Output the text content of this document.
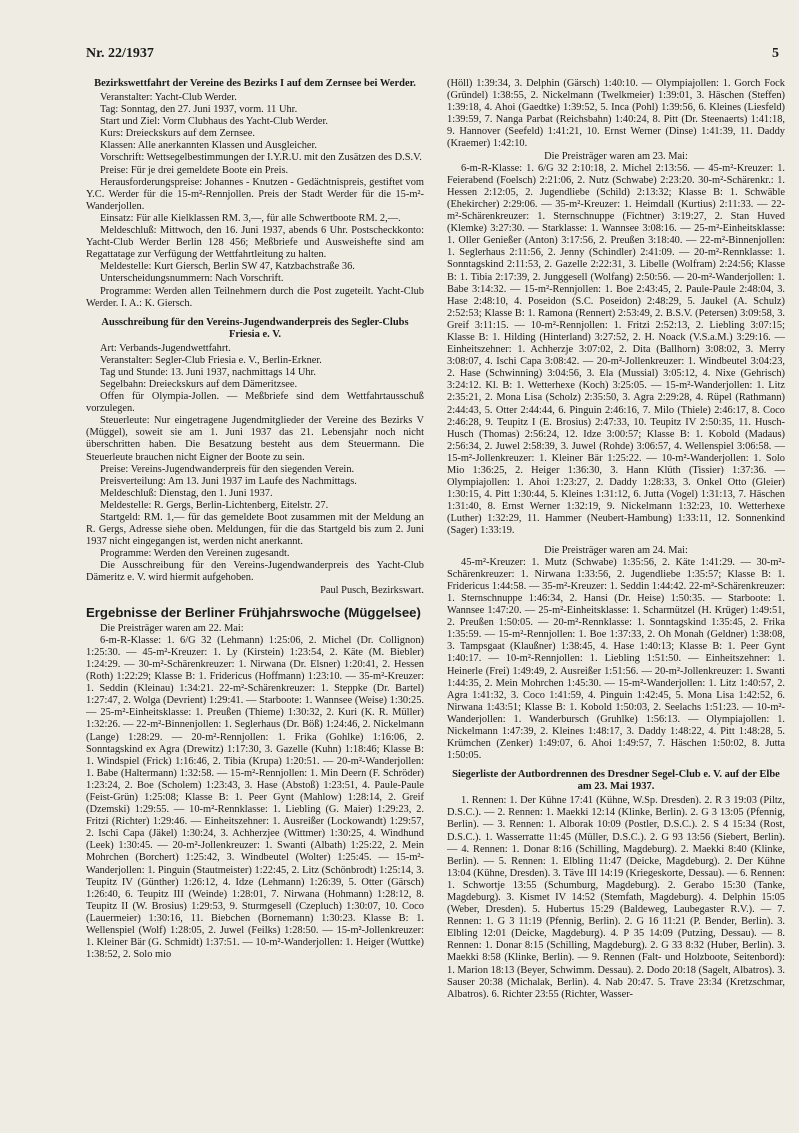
Nr. 22/1937	5
Bezirkswettfahrt der Vereine des Bezirks I auf dem Zernsee bei Werder.

Veranstalter: Yacht-Club Werder.

Tag: Sonntag, den 27. Juni 1937, vorm. 11 Uhr.

Start und Ziel: Vorm Clubhaus des Yacht-Club Werder.

Kurs: Dreieckskurs auf dem Zernsee.

Klassen: Alle anerkannten Klassen und Ausgleicher.

Vorschrift: Wettsegelbestimmungen der I.Y.R.U. mit den Zusätzen des D.S.V.

Preise: Für je drei gemeldete Boote ein Preis.

Herausforderungspreise: Johannes - Knutzen - Gedächtnispreis, gestiftet vom Y.C. Werder für die 15-m²-Rennjollen. Preis der Stadt Werder für die 15-m²-Wanderjollen.

Einsatz: Für alle Kielklassen RM. 3,—, für alle Schwertboote RM. 2,—.

Meldeschluß: Mittwoch, den 16. Juni 1937, abends 6 Uhr. Postscheckkonto: Yacht-Club Werder Berlin 128 456; Meßbriefe und Ausweishefte sind am Regattatage zur Verfügung der Wettfahrtleitung zu halten.

Meldestelle: Kurt Giersch, Berlin SW 47, Katzbachstraße 36.

Unterscheidungsnummern: Nach Vorschrift.

Programme: Werden allen Teilnehmern durch die Post zugeteilt. Yacht-Club Werder. I. A.: K. Giersch.

Ausschreibung für den Vereins-Jugendwanderpreis des Segler-Clubs Friesia e. V.

Art: Verbands-Jugendwettfahrt.

Veranstalter: Segler-Club Friesia e. V., Berlin-Erkner.

Tag und Stunde: 13. Juni 1937, nachmittags 14 Uhr.

Segelbahn: Dreieckskurs auf dem Dämeritzsee.

Offen für Olympia-Jollen. — Meßbriefe sind dem Wettfahrtausschuß vorzulegen.

Steuerleute: Nur eingetragene Jugendmitglieder der Vereine des Bezirks V (Müggel), soweit sie am 1. Juni 1937 das 21. Lebensjahr noch nicht überschritten haben. Die Besatzung besteht aus dem Steuermann. Die Steuerleute brauchen nicht Eigner der Boote zu sein.

Preise: Vereins-Jugendwanderpreis für den siegenden Verein.

Preisverteilung: Am 13. Juni 1937 im Laufe des Nachmittags.

Meldeschluß: Dienstag, den 1. Juni 1937.

Meldestelle: R. Gergs, Berlin-Lichtenberg, Eitelstr. 27.

Startgeld: RM. 1,— für das gemeldete Boot zusammen mit der Meldung an R. Gergs, Adresse siehe oben. Meldungen, für die das Startgeld bis zum 2. Juni 1937 nicht eingegangen ist, werden nicht anerkannt.

Programme: Werden den Vereinen zugesandt.

Die Ausschreibung für den Vereins-Jugendwanderpreis des Yacht-Club Dämeritz e. V. wird hiermit aufgehoben.

Paul Pusch, Bezirkswart.

Ergebnisse der Berliner Frühjahrswoche (Müggelsee)

Die Preisträger waren am 22. Mai:

6-m-R-Klasse: 1. 6/G 32 (Lehmann) 1:25:06, 2. Michel (Dr. Collignon) 1:25:30. — 45-m²-Kreuzer: 1. Ly (Kirstein) 1:23:54, 2. Käte (M. Biebler) 1:24:29. — 30-m²-Schärenkreuzer: 1. Nirwana (Dr. Elsner) 1:20:41, 2. Hessen (Roth) 1:22:29; Klasse B: 1. Fridericus (Hoffmann) 1:23:10. — 35-m²-Kreuzer: 1. Seddin (Kleinau) 1:34:21. 22-m²-Schärenkreuzer: 1. Steppke (Dr. Bartel) 1:27:47, 2. Wolga (Devrient) 1:29:41. — Starboote: 1. Wannsee (Weise) 1:30:25. — 25-m²-Einheitsklasse: 1. Preußen (Thieme) 1:30:32, 2. Kuri (K. R. Müller) 1:32:26. — 22-m²-Binnenjollen: 1. Seglerhaus (Dr. Böß) 1:24:46, 2. Nickelmann (Lange) 1:28:29. — 20-m²-Rennjollen: 1. Frika (Gohlke) 1:16:06, 2. Sonntagskind ex Agra (Drewitz) 1:17:30, 3. Gazelle (Kuhn) 1:18:46; Klasse B: 1. Windspiel (Frick) 1:16:46, 2. Tibia (Krupa) 1:20:51. — 20-m²-Wanderjollen: 1. Babe (Haltermann) 1:32:58. — 15-m²-Rennjollen: 1. Min Deern (F. Schröder) 1:23:24, 2. Boe (Scholem) 1:23:43, 3. Hase (Abstoß) 1:23:51, 4. Paule-Paule (Feist-Grün) 1:25:08; Klasse B: 1. Peer Gynt (Mahlow) 1:28:14, 2. Greif (Dzemski) 1:29:55. — 10-m²-Rennklasse: 1. Liebling (G. Maier) 1:29:23, 2. Fritzi (Richter) 1:29:46. — Einheitszehner: 1. Ausreißer (Lockowandt) 1:29:57, 2. Ischi Capa (Jäkel) 1:30:24, 3. Achherzjee (Wittmer) 1:30:25, 4. Windhund (Leek) 1:30:45. — 20-m²-Jollenkreuzer: 1. Swanti (Albath) 1:25:22, 2. Mein Mohrchen (Borchert) 1:25:42, 3. Windbeutel (Wolter) 1:25:45. — 15-m²-Wanderjollen: 1. Pinguin (Stautmeister) 1:22:45, 2. Litz (Schönbrodt) 1:25:14, 3. Teupitz IV (Günther) 1:26:12, 4. Idze (Lehmann) 1:26:39, 5. Otter (Gärsch) 1:26:40, 6. Teupitz III (Weinde) 1:28:01, 7. Nirwana (Hohmann) 1:28:12, 8. Teupitz II (W. Brosius) 1:29:53, 9. Sturmgesell (Czepluch) 1:30:07, 10. Coco (Lauermeier) 1:30:16, 11. Biebchen (Bornemann) 1:30:23. Klasse B: 1. Wellenspiel (Wolf) 1:28:05, 2. Juwel (Feilks) 1:28:50. — 15-m²-Jollenkreuzer: 1. Kleiner Bär (G. Schmidt) 1:37:51. — 10-m²-Wanderjollen: 1. Heiger (Wuttke) 1:38:52, 2. Solo mio

(Höll) 1:39:34, 3. Delphin (Gärsch) 1:40:10. — Olympiajollen: 1. Gorch Fock (Gründel) 1:38:55, 2. Nickelmann (Twelkmeier) 1:39:01, 3. Häschen (Steffen) 1:39:18, 4. Ahoi (Gaedtke) 1:39:52, 5. Inca (Pohl) 1:39:56, 6. Kleines (Liesfeld) 1:39:59, 7. Nanga Parbat (Reichsbahn) 1:40:24, 8. Pitt (Dr. Steenaerts) 1:41:18, 9. Hannover (Seefeld) 1:41:21, 10. Ernst Werner (Dinse) 1:41:39, 11. Daddy (Kraemer) 1:42:10.

Die Preisträger waren am 23. Mai:

6-m-R-Klasse: 1. 6/G 32 2:10:18, 2. Michel 2:13:56. — 45-m²-Kreuzer: 1. Feierabend (Foelsch) 2:21:06, 2. Nutz (Schwabe) 2:23:20. 30-m²-Schärenkr.: 1. Hessen 2:12:05, 2. Jugendliebe (Schild) 2:13:32; Klasse B: 1. Schwäble (Ehekircher) 2:29:06. — 35-m²-Kreuzer: 1. Heimdall (Kurtius) 2:11:33. — 22-m²-Schärenkreuzer: 1. Sternschnuppe (Fichtner) 3:19:27, 2. Stan Huved (Klemke) 3:27:30. — Starklasse: 1. Wannsee 3:08:16. — 25-m²-Einheitsklasse: 1. Oller Genießer (Anton) 3:17:56, 2. Preußen 3:18:40. — 22-m²-Binnenjollen: 1. Seglerhaus 2:11:56, 2. Jenny (Schindler) 2:41:09. — 20-m²-Rennklasse: 1. Sonntagskind 2:11:53, 2. Gazelle 2:22:31, 3. Libelle (Wolfram) 2:24:56; Klasse B: 1. Tibia 2:17:39, 2. Junggesell (Wolfang) 2:50:56. — 20-m²-Wanderjollen: 1. Babe 3:14:32. — 15-m²-Rennjollen: 1. Boe 2:43:45, 2. Paule-Paule 2:48:04, 3. Hase 2:48:10, 4. Poseidon (S.C. Poseidon) 2:48:29, 5. Jaukel (A. Schulz) 2:52:53; Klasse B: 1. Ramona (Rennert) 2:53:49, 2. B.S.V. (Petersen) 3:09:58, 3. Greif 3:11:15. — 10-m²-Rennjollen: 1. Fritzi 2:52:13, 2. Liebling 3:07:15; Klasse B: 1. Hilding (Hinterland) 3:27:52, 2. H. Noack (V.S.a.M.) 3:29:16. — Einheitszehner: 1. Achherzje 3:07:02, 2. Dita (Ballhorn) 3:08:02, 3. Merry 3:08:07, 4. Ischi Capa 3:08:42. — 20-m²-Jollenkreuzer: 1. Windbeutel 3:04:23, 2. Hase (Schwinning) 3:04:56, 3. Ela (Mussial) 3:05:12, 4. Nixe (Gehrisch) 3:24:12. Kl. B: 1. Wetterhexe (Koch) 3:25:05. — 15-m²-Wanderjollen: 1. Litz 2:35:21, 2. Mona Lisa (Scholz) 2:35:50, 3. Agra 2:29:28, 4. Rüpel (Rathmann) 2:44:43, 5. Otter 2:44:44, 6. Pinguin 2:46:16, 7. Milo (Thiele) 2:46:17, 8. Coco 2:46:28, 9. Teupitz I (E. Brosius) 2:47:33, 10. Teupitz IV 2:50:35, 11. Husch-Husch (Thomas) 2:56:24, 12. Idze 3:00:57; Klasse B: 1. Kobold (Madaus) 2:56:34, 2. Juwel 2:58:39, 3. Juwel (Rohde) 3:06:57, 4. Wellenspiel 3:06:58. — 15-m²-Jollenkreuzer: 1. Kleiner Bär 1:25:22. — 10-m²-Wanderjollen: 1. Solo Mio 1:36:25, 2. Heiger 1:36:30, 3. Hann Klüth (Tissier) 1:37:36. — Olympiajollen: 1. Ahoi 1:23:27, 2. Daddy 1:28:33, 3. Onkel Otto (Gleier) 1:30:15, 4. Pitt 1:30:44, 5. Kleines 1:31:12, 6. Jutta (Vogel) 1:31:13, 7. Häschen 1:31:40, 8. Ernst Werner 1:32:19, 9. Nickelmann 1:32:23, 10. Wetterhexe (Luther) 1:32:29, 11. Hammer (Neubert-Hambung) 1:33:11, 12. Sonnenkind (Sager) 1:33:19.

Die Preisträger waren am 24. Mai:

45-m²-Kreuzer: 1. Mutz (Schwabe) 1:35:56, 2. Käte 1:41:29. — 30-m²-Schärenkreuzer: 1. Nirwana 1:33:56, 2. Jugendliebe 1:35:57; Klasse B: 1. Fridericus 1:44:58. — 35-m²-Kreuzer: 1. Seddin 1:44:42. 22-m²-Schärenkreuzer: 1. Sternschnuppe 1:46:34, 2. Hansi (Dr. Heise) 1:50:35. — Starboote: 1. Wannsee 1:47:20. — 25-m²-Einheitsklasse: 1. Scharmützel (H. Krüger) 1:49:51, 2. Preußen 1:50:05. — 20-m²-Rennklasse: 1. Sonntagskind 1:35:45, 2. Frika 1:35:59. — 15-m²-Rennjollen: 1. Boe 1:37:33, 2. Oh Monah (Geldner) 1:38:08, 3. Tampsgaat (Klaußner) 1:38:45, 4. Hase 1:40:13; Klasse B: 1. Peer Gynt 1:40:17. — 10-m²-Rennjollen: 1. Liebling 1:51:50. — Einheitszehner: 1. Heinerle (Frei) 1:49:49, 2. Ausreißer 1:51:56. — 20-m²-Jollenkreuzer: 1. Swanti 1:44:35, 2. Mein Mohrchen 1:45:30. — 15-m²-Wanderjollen: 1. Litz 1:40:57, 2. Agra 1:41:32, 3. Coco 1:41:59, 4. Pinguin 1:42:45, 5. Mona Lisa 1:42:52, 6. Nirwana 1:43:51; Klasse B: 1. Kobold 1:50:03, 2. Seelachs 1:51:23. — 10-m²-Wanderjollen: 1. Wanderbursch (Gruhlke) 1:56:13. — Olympiajollen: 1. Nickelmann 1:47:39, 2. Kleines 1:48:17, 3. Daddy 1:48:22, 4. Pitt 1:48:28, 5. Krümchen (Zenker) 1:49:07, 6. Ahoi 1:49:57, 7. Häschen 1:50:02, 8. Jutta 1:50:05.

Siegerliste der Autbordrennen des Dresdner Segel-Club e. V. auf der Elbe am 23. Mai 1937.

1. Rennen: 1. Der Kühne 17:41 (Kühne, W.Sp. Dresden). 2. R 3 19:03 (Piltz, D.S.C.). — 2. Rennen: 1. Maekki 12:14 (Klinke, Berlin). 2. G 3 13:05 (Pfennig, Berlin). — 3. Rennen: 1. Alborak 10:09 (Postler, D.S.C.). 2. S 4 15:34 (Rost, D.S.C.). 1. Wasserratte 11:45 (Müller, D.S.C.). 2. G 93 13:56 (Siebert, Berlin). — 4. Rennen: 1. Donar 8:16 (Schilling, Magdeburg). 2. Maekki 8:40 (Klinke, Berlin). — 5. Rennen: 1. Elbling 11:47 (Deicke, Magdeburg). 2. Der Kühne 13:04 (Kühne, Dresden). 3. Täve III 14:19 (Kriegeskorte, Dessau). — 6. Rennen: 1. Schwortje 13:55 (Schumburg, Magdeburg). 2. Gerabo 15:30 (Tanke, Magdeburg). 3. Kismet IV 14:52 (Stemfath, Magdeburg). 4. Delphin 15:05 (Weber, Dresden). 5. Hubertus 15:29 (Baldeweg, Laubegaster R.V.). — 7. Rennen: 1. G 3 11:19 (Pfennig, Berlin). 2. G 16 11:21 (P. Bender, Berlin). 3. Elbling 12:01 (Deicke, Magdeburg). 4. P 35 14:09 (Putzing, Dessau). — 8. Rennen: 1. Donar 8:15 (Schilling, Magdeburg). 2. G 33 8:32 (Huber, Berlin). 3. Maekki 8:58 (Klinke, Berlin). — 9. Rennen (Falt- und Holzboote, Seitenbord): 1. Marion 18:13 (Beyer, Schwimm. Dessau). 2. Dodo 20:18 (Sagelt, Albatros). 3. Sauser 20:38 (Michalak, Berlin). 4. Nab 20:47. 5. Trave 23:34 (Kretzschmar, Albatros). 6. Richter 23:55 (Richter, Wasser-
